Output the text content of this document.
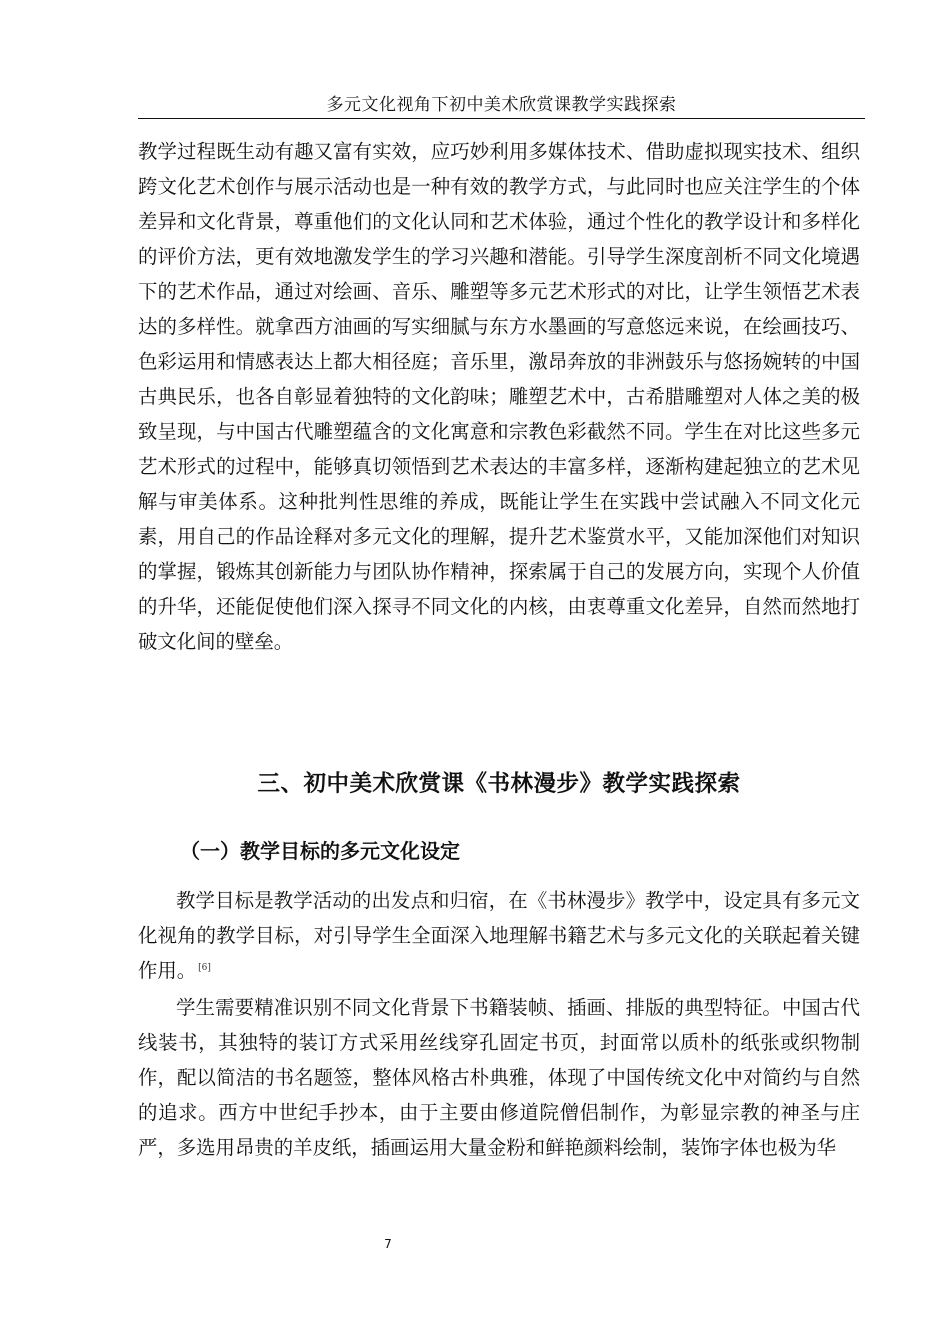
多元文化视角下初中美术欣赏课教学实践探索

教学过程既生动有趣又富有实效，应巧妙利用多媒体技术、借助虚拟现实技术、组织跨文化艺术创作与展示活动也是一种有效的教学方式，与此同时也应关注学生的个体差异和文化背景，尊重他们的文化认同和艺术体验，通过个性化的教学设计和多样化的评价方法，更有效地激发学生的学习兴趣和潜能。引导学生深度剖析不同文化境遇下的艺术作品，通过对绘画、音乐、雕塑等多元艺术形式的对比，让学生领悟艺术表达的多样性。就拿西方油画的写实细腻与东方水墨画的写意悠远来说，在绘画技巧、色彩运用和情感表达上都大相径庭；音乐里，激昂奔放的非洲鼓乐与悠扬婉转的中国古典民乐，也各自彰显着独特的文化韵味；雕塑艺术中，古希腊雕塑对人体之美的极致呈现，与中国古代雕塑蕴含的文化寓意和宗教色彩截然不同。学生在对比这些多元艺术形式的过程中，能够真切领悟到艺术表达的丰富多样，逐渐构建起独立的艺术见解与审美体系。这种批判性思维的养成，既能让学生在实践中尝试融入不同文化元素，用自己的作品诠释对多元文化的理解，提升艺术鉴赏水平，又能加深他们对知识的掌握，锻炼其创新能力与团队协作精神，探索属于自己的发展方向，实现个人价值的升华，还能促使他们深入探寻不同文化的内核，由衷尊重文化差异，自然而然地打破文化间的壁垒。

三、初中美术欣赏课《书林漫步》教学实践探索
（一）教学目标的多元文化设定

教学目标是教学活动的出发点和归宿，在《书林漫步》教学中，设定具有多元文化视角的教学目标，对引导学生全面深入地理解书籍艺术与多元文化的关联起着关键作用。 [6]

学生需要精准识别不同文化背景下书籍装帧、插画、排版的典型特征。中国古代线装书，其独特的装订方式采用丝线穿孔固定书页，封面常以质朴的纸张或织物制作，配以简洁的书名题签，整体风格古朴典雅，体现了中国传统文化中对简约与自然的追求。西方中世纪手抄本，由于主要由修道院僧侣制作，为彰显宗教的神圣与庄严，多选用昂贵的羊皮纸，插画运用大量金粉和鲜艳颜料绘制，装饰字体也极为华

7
